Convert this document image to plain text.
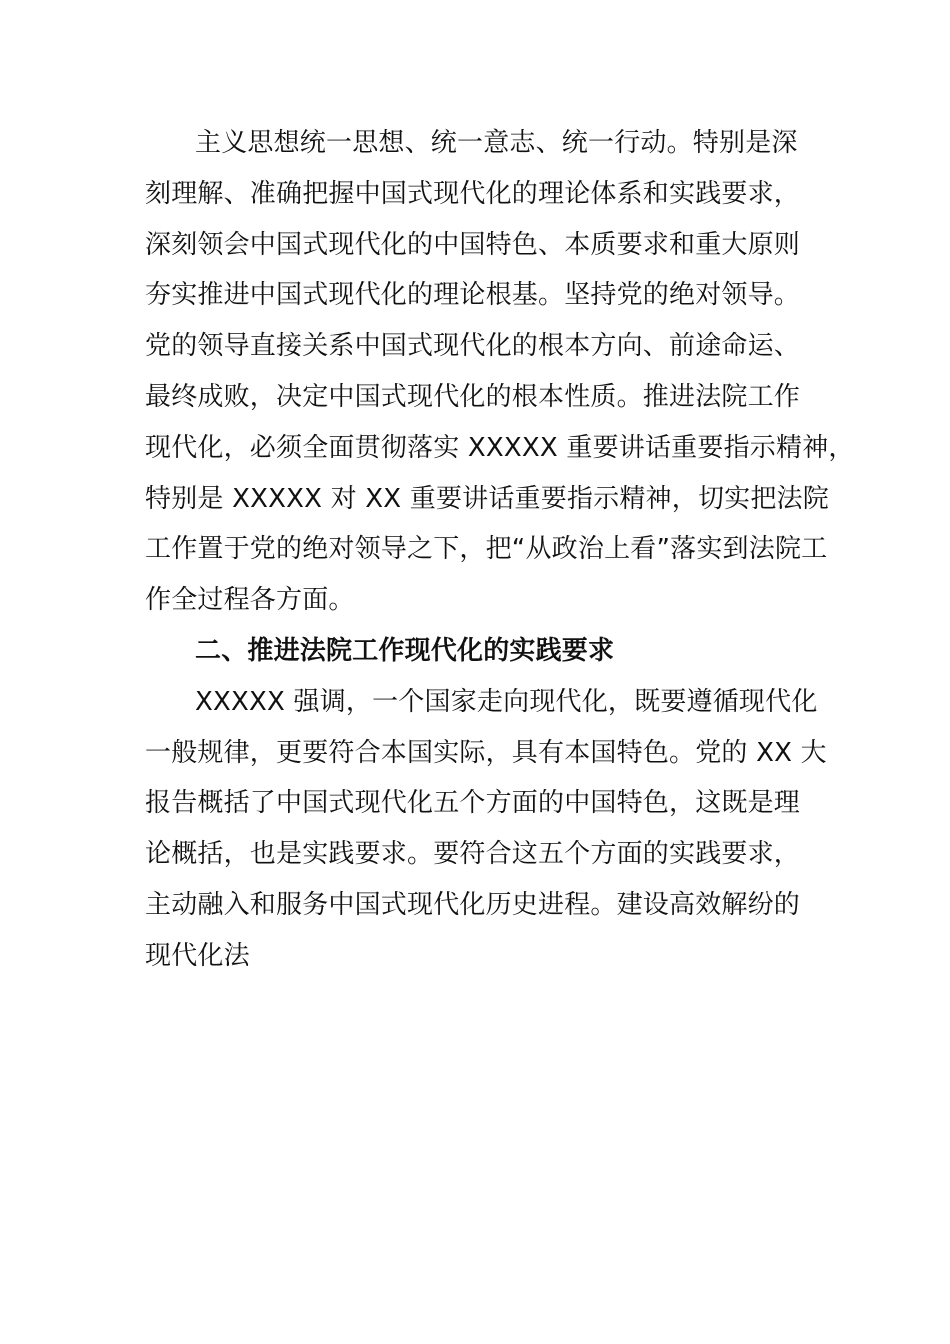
主义思想统一思想、统一意志、统一行动。特别是深
刻理解、准确把握中国式现代化的理论体系和实践要求，
深刻领会中国式现代化的中国特色、本质要求和重大原则
夯实推进中国式现代化的理论根基。坚持党的绝对领导。
党的领导直接关系中国式现代化的根本方向、前途命运、
最终成败，决定中国式现代化的根本性质。推进法院工作
现代化，必须全面贯彻落实 XXXXX 重要讲话重要指示精神，
特别是 XXXXX 对 XX 重要讲话重要指示精神，切实把法院
工作置于党的绝对领导之下，把“从政治上看”落实到法院工
作全过程各方面。
二、推进法院工作现代化的实践要求
XXXXX 强调，一个国家走向现代化，既要遵循现代化
一般规律，更要符合本国实际，具有本国特色。党的 XX 大
报告概括了中国式现代化五个方面的中国特色，这既是理
论概括，也是实践要求。要符合这五个方面的实践要求，
主动融入和服务中国式现代化历史进程。建设高效解纷的
现代化法
